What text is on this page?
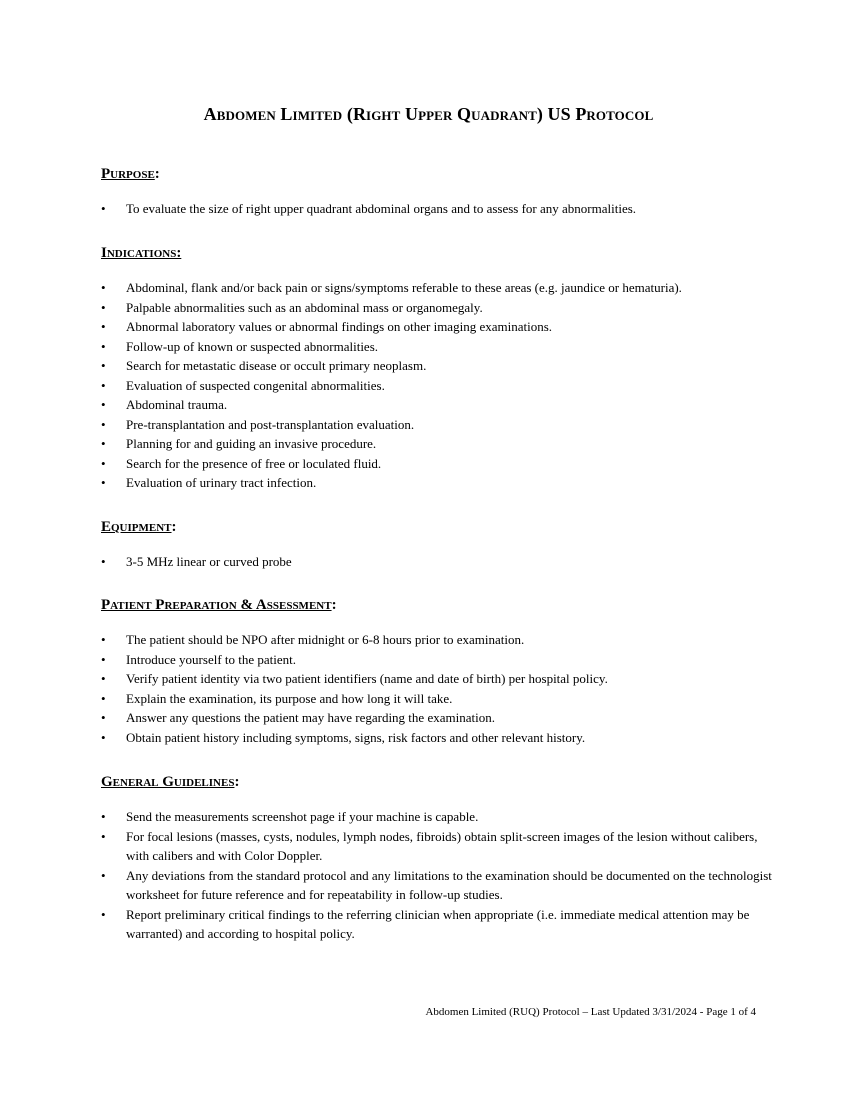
Abdomen Limited (Right Upper Quadrant) US Protocol
Purpose:
•	To evaluate the size of right upper quadrant abdominal organs and to assess for any abnormalities.
Indications:
•	Abdominal, flank and/or back pain or signs/symptoms referable to these areas (e.g. jaundice or hematuria).
•	Palpable abnormalities such as an abdominal mass or organomegaly.
•	Abnormal laboratory values or abnormal findings on other imaging examinations.
•	Follow-up of known or suspected abnormalities.
•	Search for metastatic disease or occult primary neoplasm.
•	Evaluation of suspected congenital abnormalities.
•	Abdominal trauma.
•	Pre-transplantation and post-transplantation evaluation.
•	Planning for and guiding an invasive procedure.
•	Search for the presence of free or loculated fluid.
•	Evaluation of urinary tract infection.
Equipment:
•	3-5 MHz linear or curved probe
Patient Preparation & Assessment:
•	The patient should be NPO after midnight or 6-8 hours prior to examination.
•	Introduce yourself to the patient.
•	Verify patient identity via two patient identifiers (name and date of birth) per hospital policy.
•	Explain the examination, its purpose and how long it will take.
•	Answer any questions the patient may have regarding the examination.
•	Obtain patient history including symptoms, signs, risk factors and other relevant history.
General Guidelines:
•	Send the measurements screenshot page if your machine is capable.
•	For focal lesions (masses, cysts, nodules, lymph nodes, fibroids) obtain split-screen images of the lesion without calibers, with calibers and with Color Doppler.
•	Any deviations from the standard protocol and any limitations to the examination should be documented on the technologist worksheet for future reference and for repeatability in follow-up studies.
•	Report preliminary critical findings to the referring clinician when appropriate (i.e. immediate medical attention may be warranted) and according to hospital policy.
Abdomen Limited (RUQ) Protocol – Last Updated 3/31/2024 - Page 1 of 4
